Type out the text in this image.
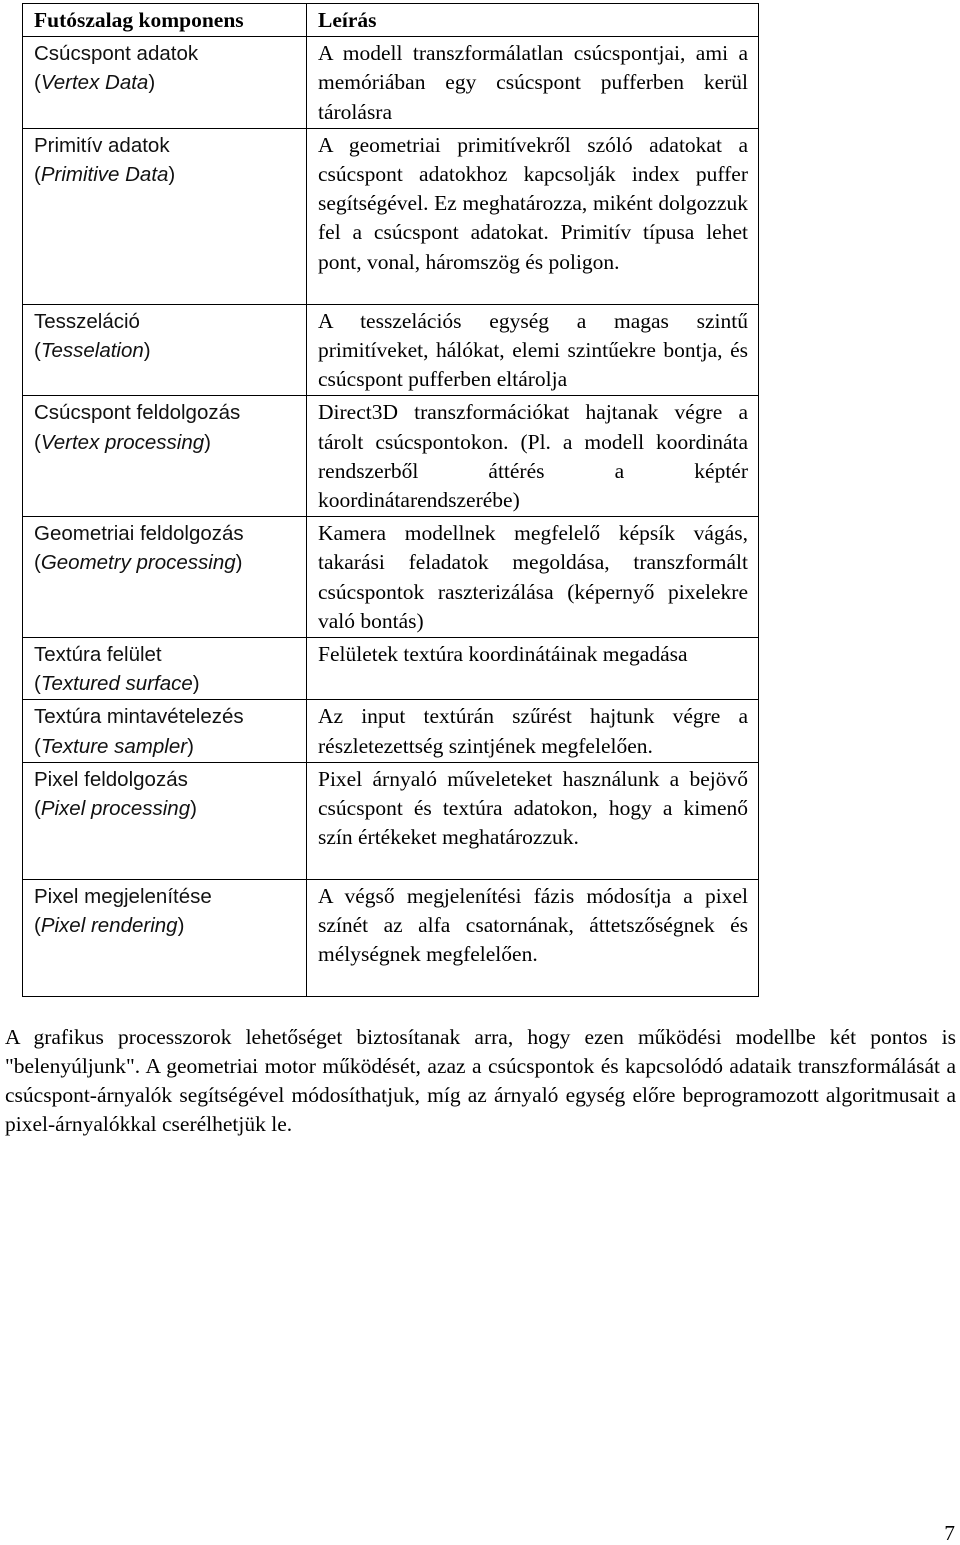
Futószalag komponens	Leírás
Csúcspont adatok
(Vertex Data)	A modell transzformálatlan csúcspontjai, ami a memóriában egy csúcspont pufferben kerül tárolásra
Primitív adatok
(Primitive Data)	A geometriai primitívekről szóló adatokat a csúcspont adatokhoz kapcsolják index puffer segítségével. Ez meghatározza, miként dolgozzuk fel a csúcspont adatokat. Primitív típusa lehet pont, vonal, háromszög és poligon.
Tesszeláció
(Tesselation)	A tesszelációs egység a magas szintű primitíveket, hálókat, elemi szintűekre bontja, és csúcspont pufferben eltárolja
Csúcspont feldolgozás
(Vertex processing)	Direct3D transzformációkat hajtanak végre a tárolt csúcspontokon. (Pl. a modell koordináta rendszerből áttérés a képtér koordinátarendszerébe)
Geometriai feldolgozás
(Geometry processing)	Kamera modellnek megfelelő képsík vágás, takarási feladatok megoldása, transzformált csúcspontok raszterizálása (képernyő pixelekre való bontás)
Textúra felület
(Textured surface)	Felületek textúra koordinátáinak megadása
Textúra mintavételezés
(Texture sampler)	Az input textúrán szűrést hajtunk végre a részletezettség szintjének megfelelően.
Pixel feldolgozás
(Pixel processing)	Pixel árnyaló műveleteket használunk a bejövő csúcspont és textúra adatokon, hogy a kimenő szín értékeket meghatározzuk.
Pixel megjelenítése
(Pixel rendering)	A végső megjelenítési fázis módosítja a pixel színét az alfa csatornának, áttetszőségnek és mélységnek megfelelően.

A grafikus processzorok lehetőséget biztosítanak arra, hogy ezen működési modellbe két pontos is "belenyúljunk". A geometriai motor működését, azaz a csúcspontok és kapcsolódó adataik transzformálását a csúcspont-árnyalók segítségével módosíthatjuk, míg az árnyaló egység előre beprogramozott algoritmusait a pixel-árnyalókkal cserélhetjük le.

7
